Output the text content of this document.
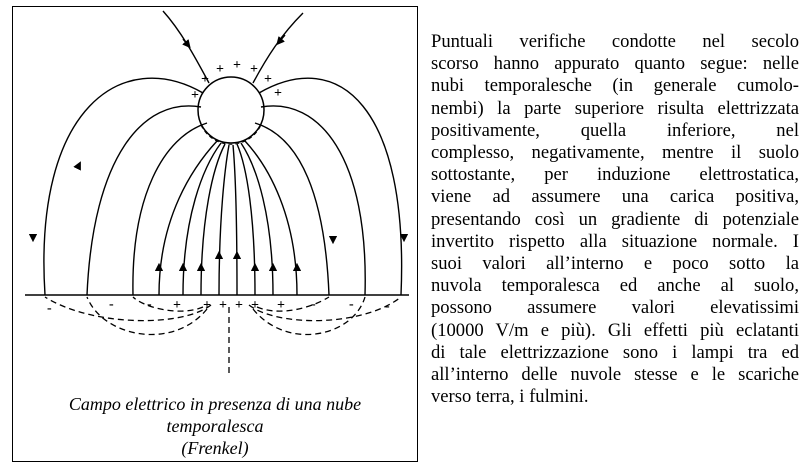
+
+
+ + +
+
+
-	- - + + + + + + - - -
Campo elettrico in presenza di una nube
temporalesca
(Frenkel)
Puntuali verifiche condotte nel secolo
scorso hanno appurato quanto segue: nelle
nubi temporalesche (in generale cumolo-
nembi) la parte superiore risulta elettrizzata
positivamente, quella inferiore, nel
complesso, negativamente, mentre il suolo
sottostante, per induzione elettrostatica,
viene ad assumere una carica positiva,
presentando così un gradiente di potenziale
invertito rispetto alla situazione normale. I
suoi valori all’interno e poco sotto la
nuvola temporalesca ed anche al suolo,
possono assumere valori elevatissimi
(10000 V/m e più). Gli effetti più eclatanti
di tale elettrizzazione sono i lampi tra ed
all’interno delle nuvole stesse e le scariche
verso terra, i fulmini.
